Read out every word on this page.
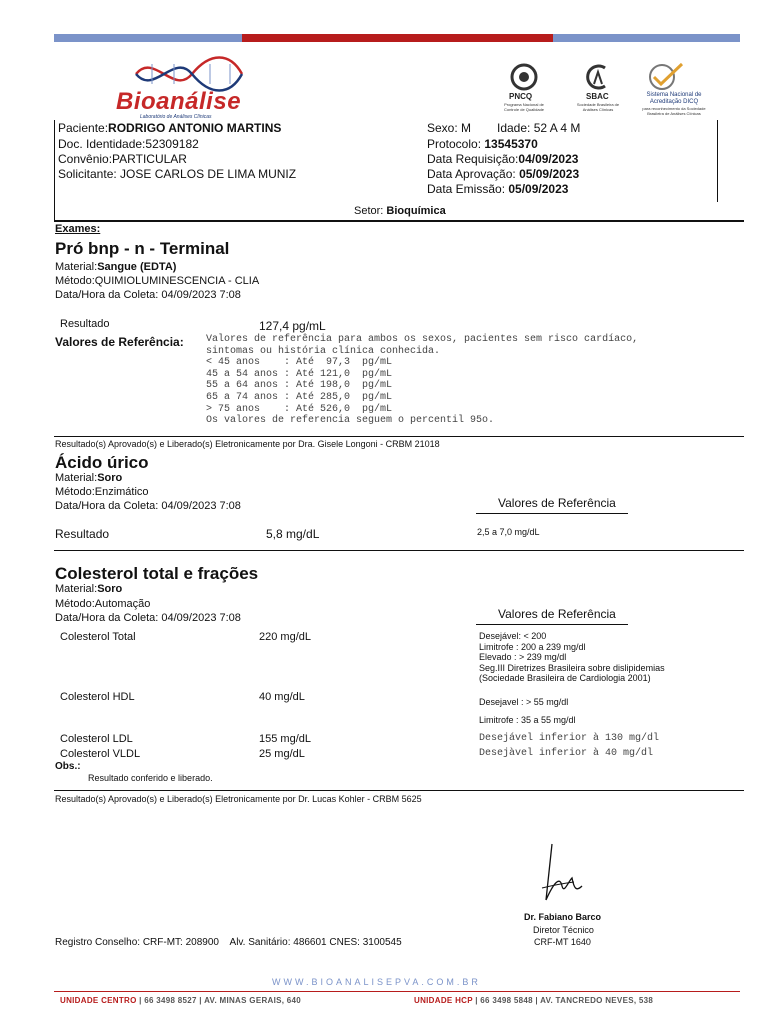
Bioanálise
Laboratório de Análises Clínicas
PNCQ
Programa Nacional de Controle de Qualidade
SBAC
Sociedade Brasileira de Análises Clínicas
Sistema Nacional de Acreditação DICQ
para reconhecimento da Sociedade Brasileira de Análises Clínicas
Paciente:RODRIGO ANTONIO MARTINS
Doc. Identidade:52309182
Convênio:PARTICULAR
Solicitante: JOSE CARLOS DE LIMA MUNIZ
Sexo: M Idade: 52 A 4 M
Protocolo: 13545370
Data Requisição:04/09/2023
Data Aprovação: 05/09/2023
Data Emissão: 05/09/2023
Setor: Bioquímica
Exames:
Pró bnp - n - Terminal
Material:Sangue (EDTA)
Método:QUIMIOLUMINESCENCIA - CLIA
Data/Hora da Coleta: 04/09/2023 7:08
Resultado	127,4 pg/mL
Valores de Referência: Valores de referência para ambos os sexos, pacientes sem risco cardíaco,
sintomas ou história clínica conhecida.
< 45 anos    : Até  97,3  pg/mL
45 a 54 anos : Até 121,0  pg/mL
55 a 64 anos : Até 198,0  pg/mL
65 a 74 anos : Até 285,0  pg/mL
> 75 anos    : Até 526,0  pg/mL
Os valores de referencia seguem o percentil 95o.
Resultado(s) Aprovado(s) e Liberado(s) Eletronicamente por Dra. Gisele Longoni - CRBM 21018
Ácido úrico
Material:Soro
Método:Enzimático
Data/Hora da Coleta: 04/09/2023 7:08	Valores de Referência
Resultado	5,8 mg/dL	2,5 a 7,0 mg/dL
Colesterol total e frações
Material:Soro
Método:Automação
Data/Hora da Coleta: 04/09/2023 7:08	Valores de Referência
Colesterol Total	220 mg/dL	Desejável: < 200
Limitrofe : 200 a 239 mg/dl
Elevado : > 239 mg/dl
Seg.III Diretrizes Brasileira sobre dislipidemias
(Sociedade Brasileira de Cardiologia 2001)
Colesterol HDL	40 mg/dL	Desejavel : > 55 mg/dl
Limitrofe : 35 a 55 mg/dl
Colesterol LDL	155 mg/dL	Desejável inferior à 130 mg/dl
Colesterol VLDL	25 mg/dL	Desejàvel inferior à 40 mg/dl
Obs.:
Resultado conferido e liberado.
Resultado(s) Aprovado(s) e Liberado(s) Eletronicamente por Dr. Lucas Kohler - CRBM 5625
Dr. Fabiano Barco
Diretor Técnico
CRF-MT 1640
Registro Conselho: CRF-MT: 208900    Alv. Sanitário: 486601 CNES: 3100545
WWW.BIOANALISEPVA.COM.BR
UNIDADE CENTRO | 66 3498 8527 | AV. MINAS GERAIS, 640	UNIDADE HCP | 66 3498 5848 | AV. TANCREDO NEVES, 538
